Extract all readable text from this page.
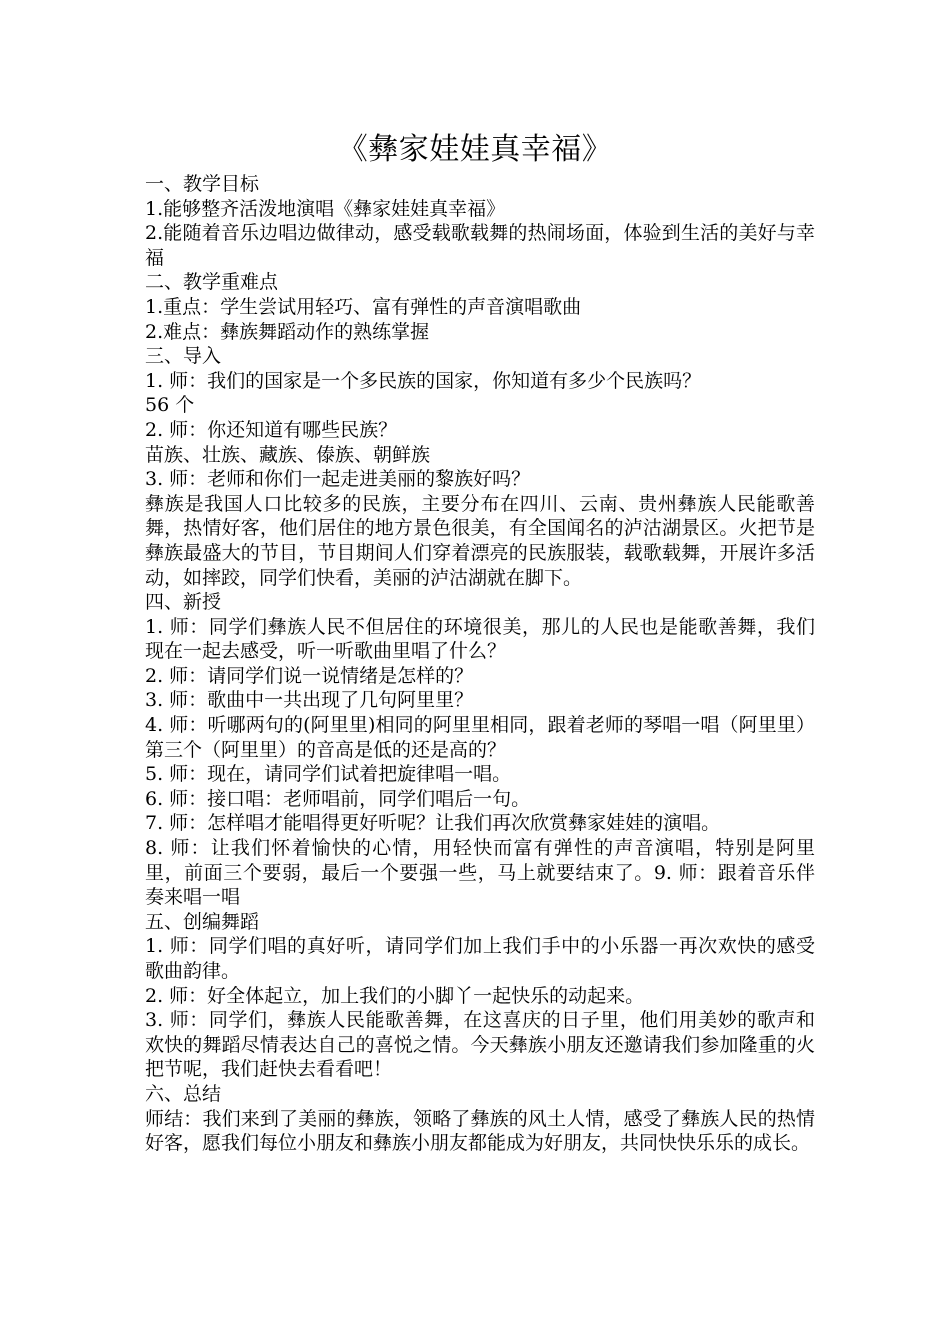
《彝家娃娃真幸福》

一、教学目标

1.能够整齐活泼地演唱《彝家娃娃真幸福》

2.能随着音乐边唱边做律动，感受载歌载舞的热闹场面，体验到生活的美好与幸福

二、教学重难点

1.重点：学生尝试用轻巧、富有弹性的声音演唱歌曲

2.难点：彝族舞蹈动作的熟练掌握

三、导入

1. 师：我们的国家是一个多民族的国家，你知道有多少个民族吗？

56 个

2. 师：你还知道有哪些民族？

苗族、壮族、藏族、傣族、朝鲜族

3. 师：老师和你们一起走进美丽的黎族好吗？

彝族是我国人口比较多的民族，主要分布在四川、云南、贵州彝族人民能歌善舞，热情好客，他们居住的地方景色很美，有全国闻名的泸沽湖景区。火把节是彝族最盛大的节目，节目期间人们穿着漂亮的民族服装，载歌载舞，开展许多活动，如摔跤，同学们快看，美丽的泸沽湖就在脚下。

四、新授

1. 师：同学们彝族人民不但居住的环境很美，那儿的人民也是能歌善舞，我们现在一起去感受，听一听歌曲里唱了什么？

2. 师：请同学们说一说情绪是怎样的？

3. 师：歌曲中一共出现了几句阿里里？

4. 师：听哪两句的(阿里里)相同的阿里里相同，跟着老师的琴唱一唱（阿里里）第三个（阿里里）的音高是低的还是高的？

5. 师：现在，请同学们试着把旋律唱一唱。

6. 师：接口唱：老师唱前，同学们唱后一句。

7. 师：怎样唱才能唱得更好听呢？让我们再次欣赏彝家娃娃的演唱。

8. 师：让我们怀着愉快的心情，用轻快而富有弹性的声音演唱，特别是阿里里，前面三个要弱，最后一个要强一些，马上就要结束了。9. 师：跟着音乐伴奏来唱一唱

五、创编舞蹈

1. 师：同学们唱的真好听，请同学们加上我们手中的小乐器一再次欢快的感受歌曲韵律。

2. 师：好全体起立，加上我们的小脚丫一起快乐的动起来。

3. 师：同学们，彝族人民能歌善舞，在这喜庆的日子里，他们用美妙的歌声和欢快的舞蹈尽情表达自己的喜悦之情。今天彝族小朋友还邀请我们参加隆重的火把节呢，我们赶快去看看吧！

六、总结

师结：我们来到了美丽的彝族，领略了彝族的风土人情，感受了彝族人民的热情好客，愿我们每位小朋友和彝族小朋友都能成为好朋友，共同快快乐乐的成长。
